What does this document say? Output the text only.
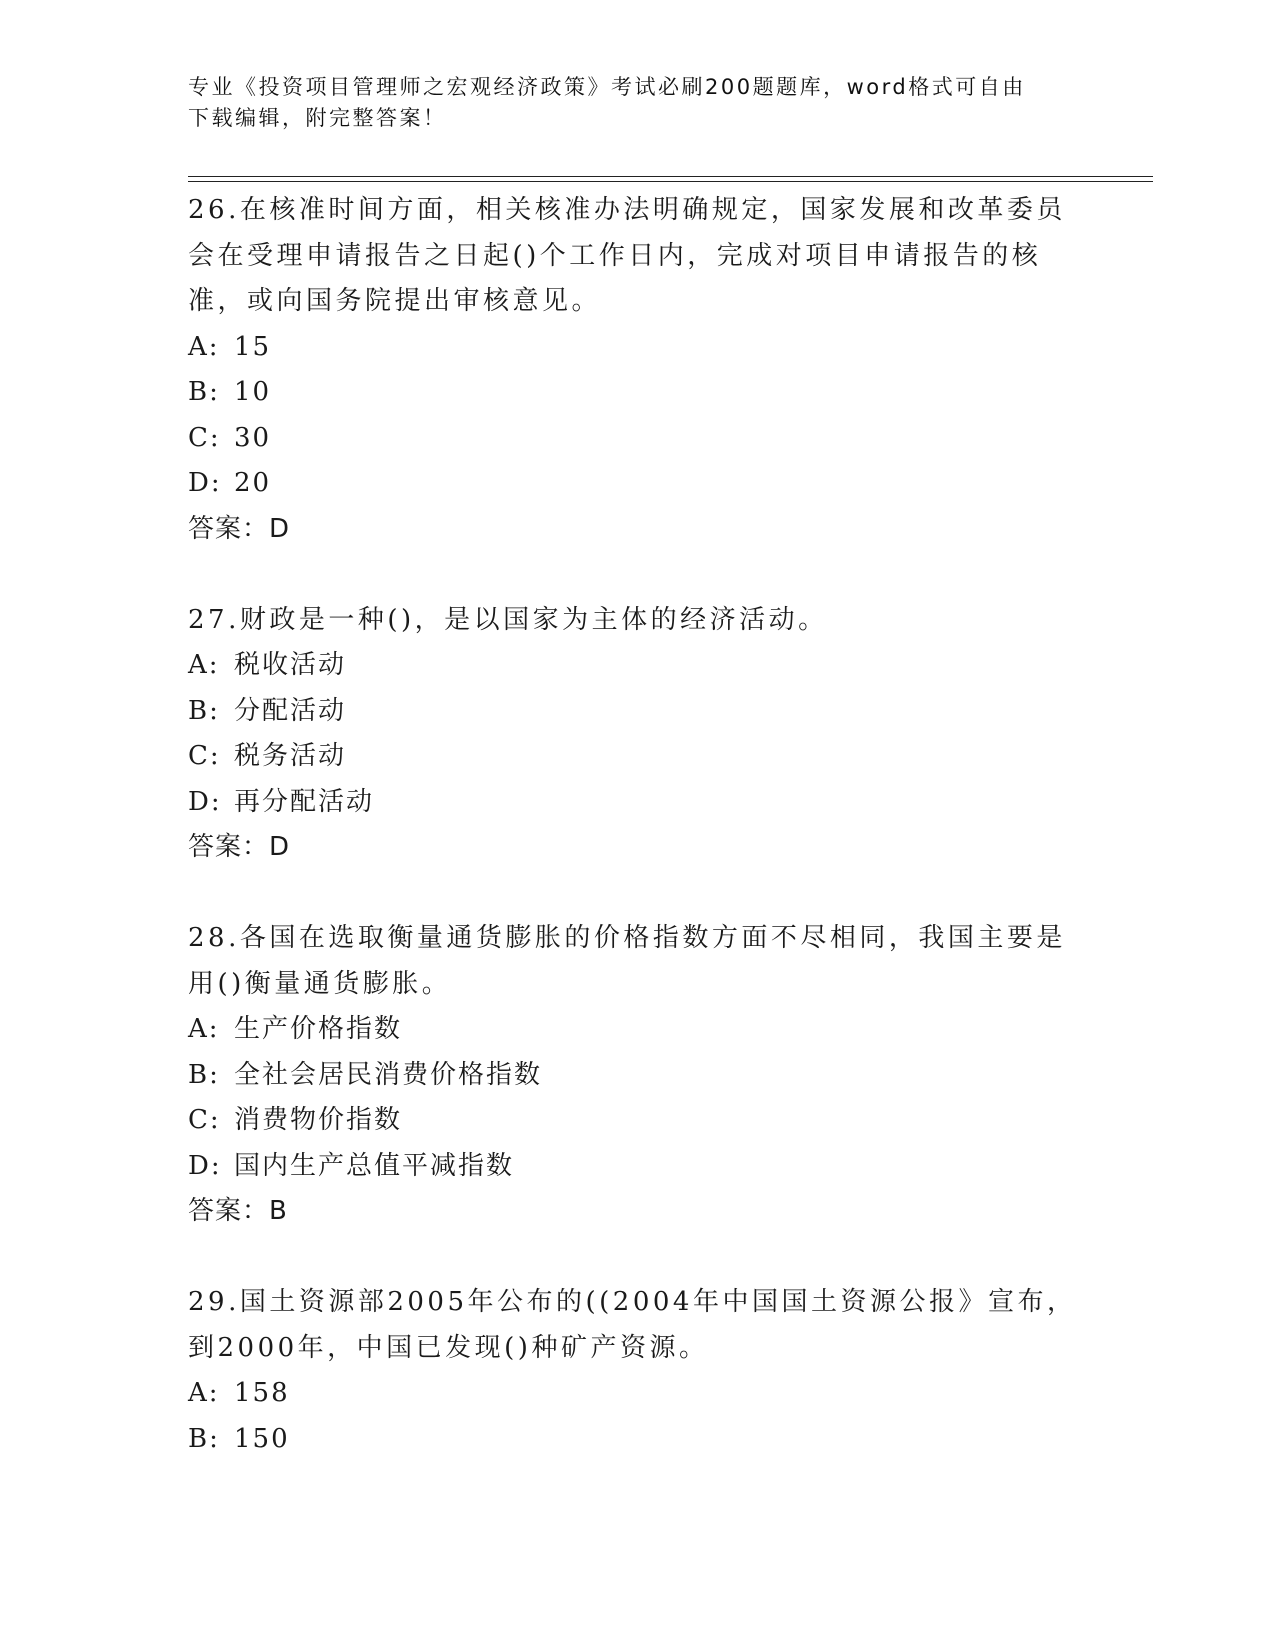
专业《投资项目管理师之宏观经济政策》考试必刷200题题库，word格式可自由
下载编辑，附完整答案！

26.在核准时间方面，相关核准办法明确规定，国家发展和改革委员会在受理申请报告之日起()个工作日内，完成对项目申请报告的核准，或向国务院提出审核意见。

A: 15

B: 10

C: 30

D: 20

答案：D

27.财政是一种()，是以国家为主体的经济活动。

A: 税收活动

B: 分配活动

C: 税务活动

D: 再分配活动

答案：D

28.各国在选取衡量通货膨胀的价格指数方面不尽相同，我国主要是用()衡量通货膨胀。

A: 生产价格指数

B: 全社会居民消费价格指数

C: 消费物价指数

D: 国内生产总值平减指数

答案：B

29.国土资源部2005年公布的((2004年中国国土资源公报》宣布，到2000年，中国已发现()种矿产资源。

A: 158

B: 150
